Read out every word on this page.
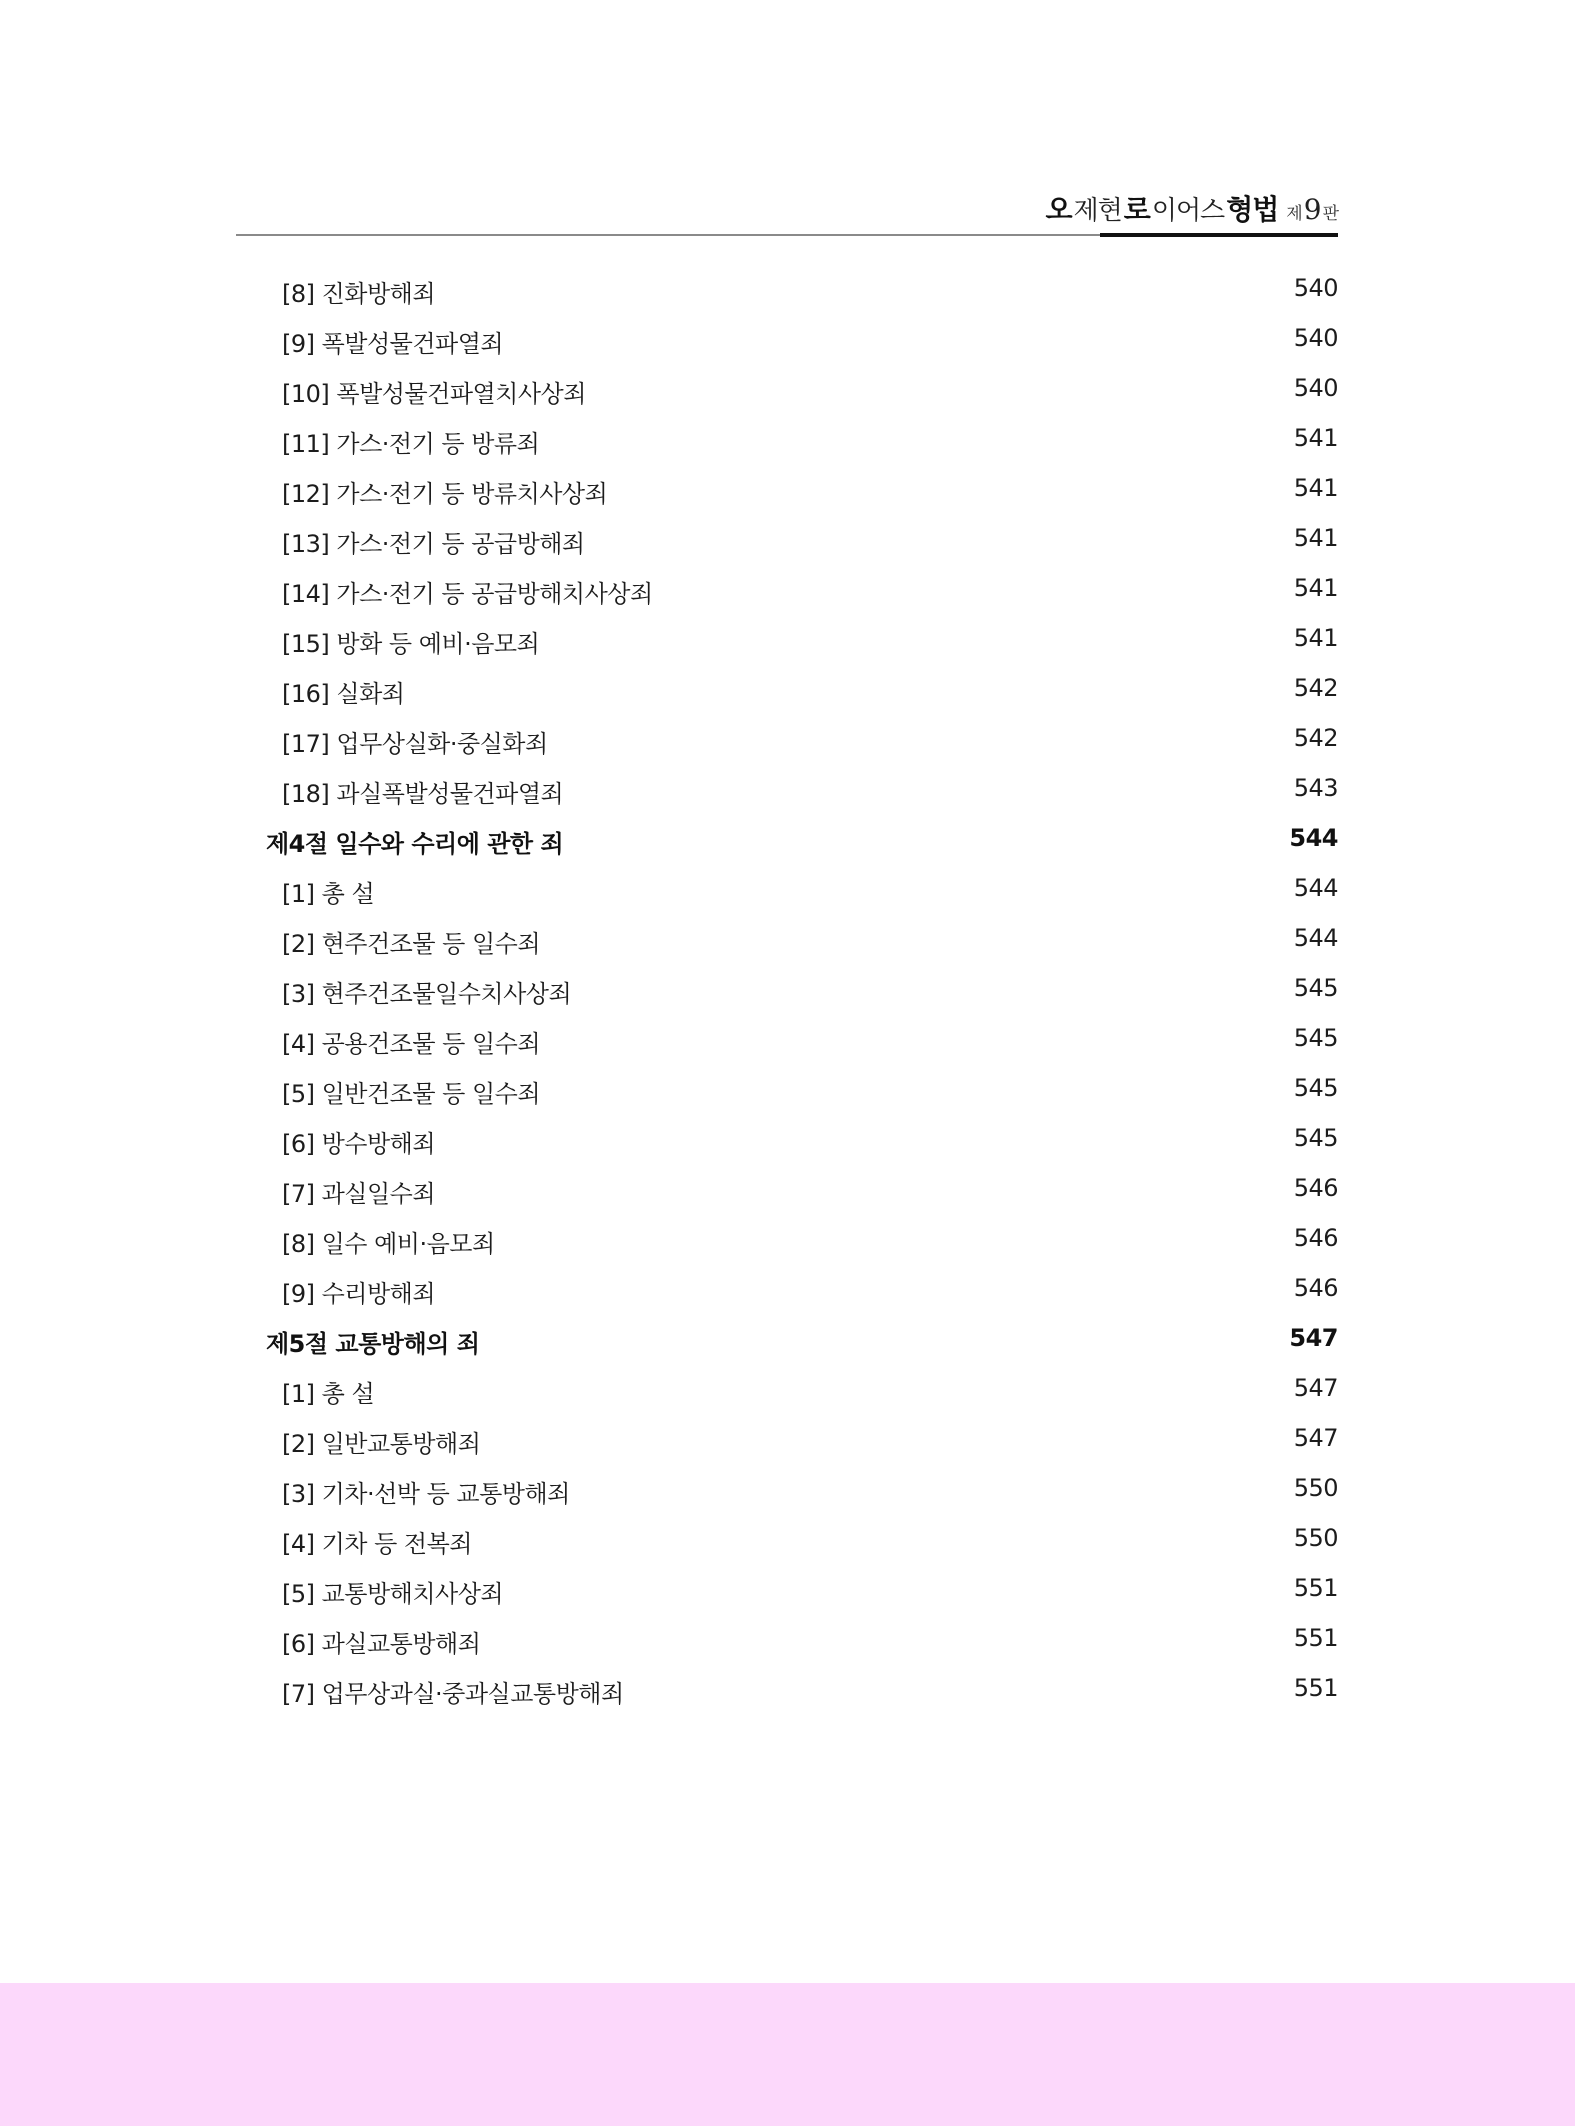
오 제현 로 이어스 형법 제 9 판
[8] 진화방해죄	540
[9] 폭발성물건파열죄	540
[10] 폭발성물건파열치사상죄	540
[11] 가스·전기 등 방류죄	541
[12] 가스·전기 등 방류치사상죄	541
[13] 가스·전기 등 공급방해죄	541
[14] 가스·전기 등 공급방해치사상죄	541
[15] 방화 등 예비·음모죄	541
[16] 실화죄	542
[17] 업무상실화·중실화죄	542
[18] 과실폭발성물건파열죄	543
제4절 일수와 수리에 관한 죄	544
[1] 총 설	544
[2] 현주건조물 등 일수죄	544
[3] 현주건조물일수치사상죄	545
[4] 공용건조물 등 일수죄	545
[5] 일반건조물 등 일수죄	545
[6] 방수방해죄	545
[7] 과실일수죄	546
[8] 일수 예비·음모죄	546
[9] 수리방해죄	546
제5절 교통방해의 죄	547
[1] 총 설	547
[2] 일반교통방해죄	547
[3] 기차·선박 등 교통방해죄	550
[4] 기차 등 전복죄	550
[5] 교통방해치사상죄	551
[6] 과실교통방해죄	551
[7] 업무상과실·중과실교통방해죄	551
